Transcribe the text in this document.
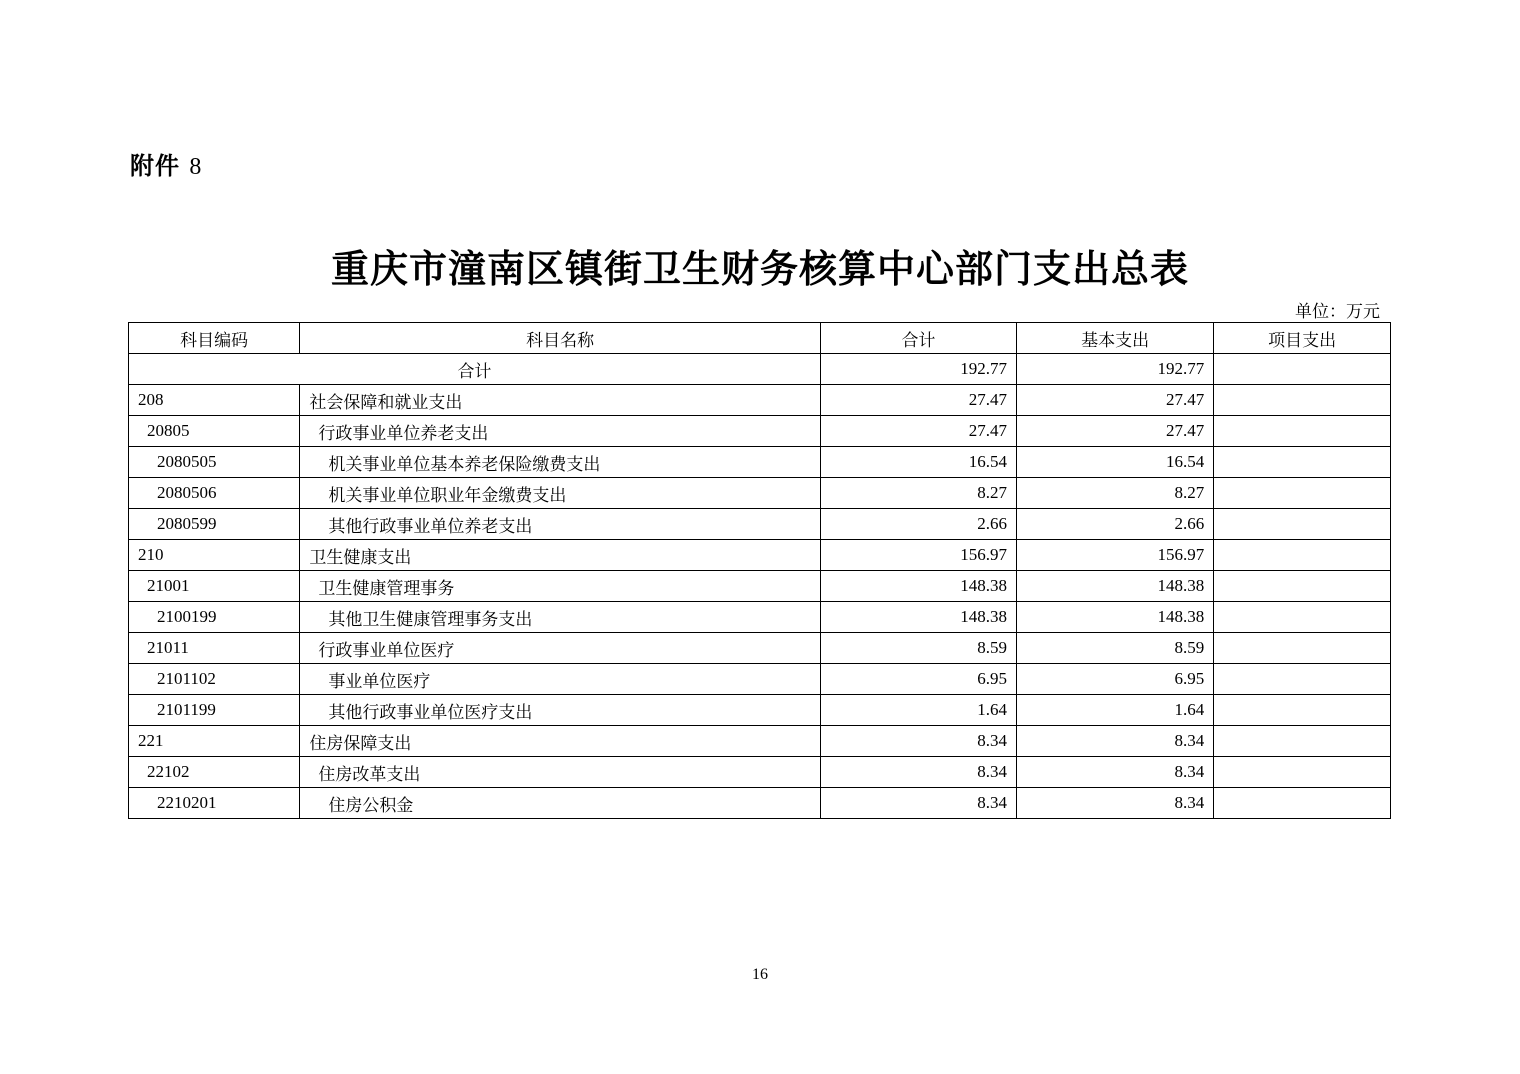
附件 8
重庆市潼南区镇街卫生财务核算中心部门支出总表
单位：万元
科目编码	科目名称	合计	基本支出	项目支出
合计		192.77	192.77	
208	社会保障和就业支出	27.47	27.47	
20805	行政事业单位养老支出	27.47	27.47	
2080505	机关事业单位基本养老保险缴费支出	16.54	16.54	
2080506	机关事业单位职业年金缴费支出	8.27	8.27	
2080599	其他行政事业单位养老支出	2.66	2.66	
210	卫生健康支出	156.97	156.97	
21001	卫生健康管理事务	148.38	148.38	
2100199	其他卫生健康管理事务支出	148.38	148.38	
21011	行政事业单位医疗	8.59	8.59	
2101102	事业单位医疗	6.95	6.95	
2101199	其他行政事业单位医疗支出	1.64	1.64	
221	住房保障支出	8.34	8.34	
22102	住房改革支出	8.34	8.34	
2210201	住房公积金	8.34	8.34	
16
